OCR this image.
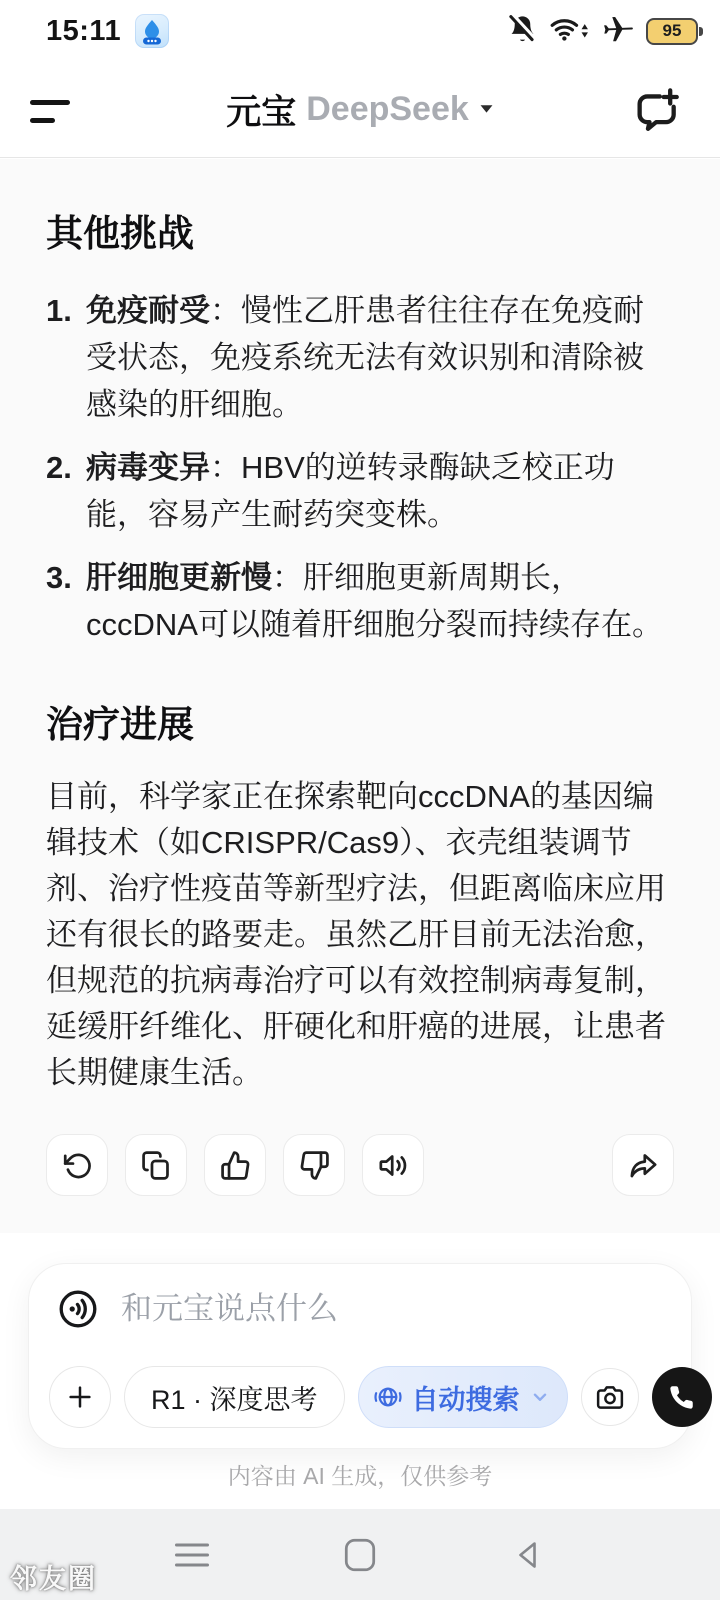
15:11	95
元宝 DeepSeek
其他挑战
1. 免疫耐受：慢性乙肝患者往往存在免疫耐受状态，免疫系统无法有效识别和清除被感染的肝细胞。
2. 病毒变异：HBV的逆转录酶缺乏校正功能，容易产生耐药突变株。
3. 肝细胞更新慢：肝细胞更新周期长，cccDNA可以随着肝细胞分裂而持续存在。
治疗进展

目前，科学家正在探索靶向cccDNA的基因编辑技术（如CRISPR/Cas9）、衣壳组装调节剂、治疗性疫苗等新型疗法，但距离临床应用还有很长的路要走。虽然乙肝目前无法治愈，但规范的抗病毒治疗可以有效控制病毒复制，延缓肝纤维化、肝硬化和肝癌的进展，让患者长期健康生活。

和元宝说点什么
R1 · 深度思考	自动搜索
内容由 AI 生成，仅供参考
邻友圈
